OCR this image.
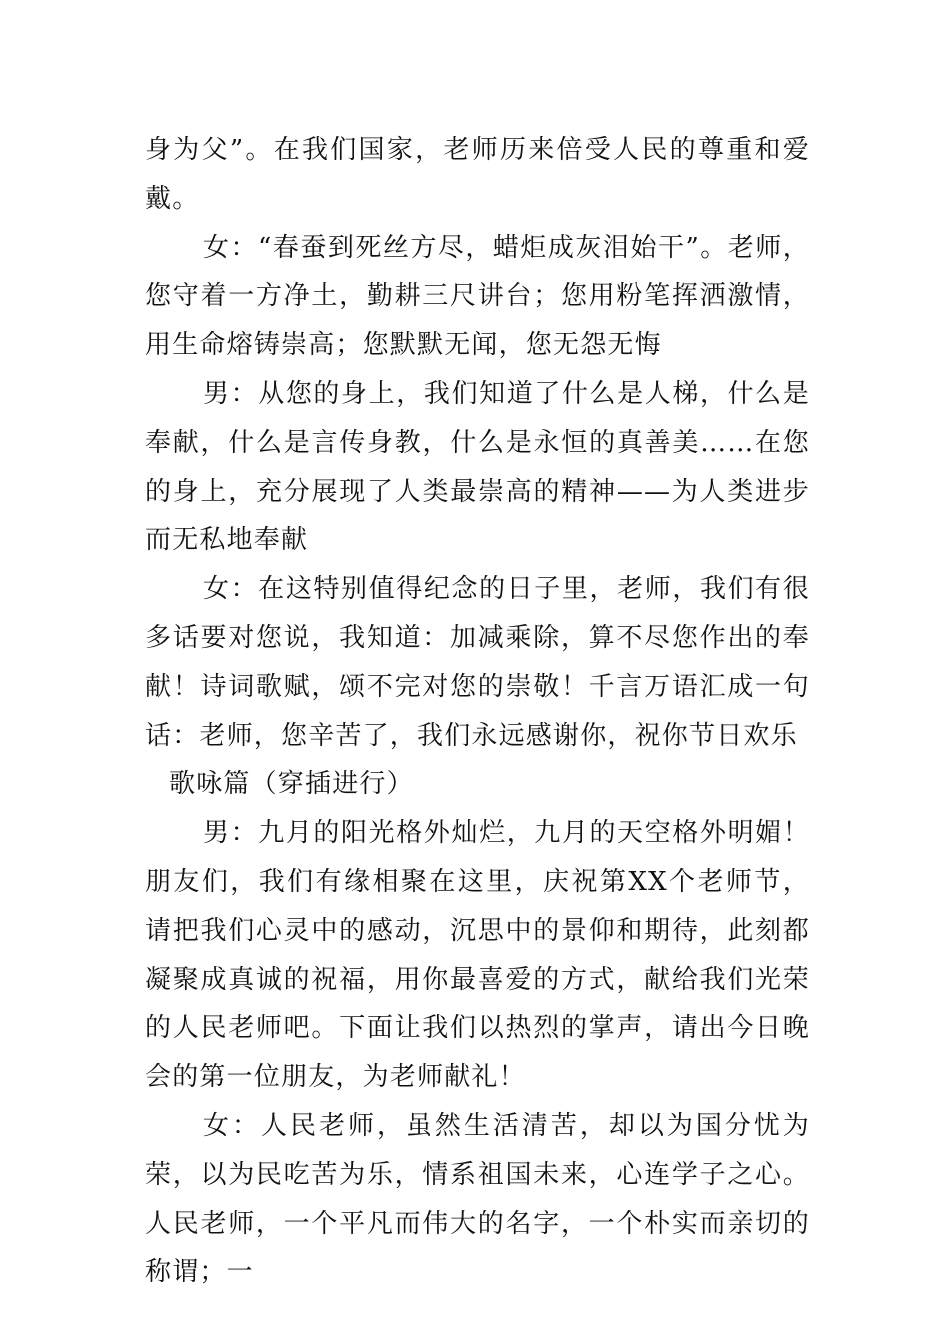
身为父”。在我们国家，老师历来倍受人民的尊重和爱戴。

女：“春蚕到死丝方尽，蜡炬成灰泪始干”。老师，您守着一方净土，勤耕三尺讲台；您用粉笔挥洒激情，用生命熔铸崇高；您默默无闻，您无怨无悔

男：从您的身上，我们知道了什么是人梯，什么是奉献，什么是言传身教，什么是永恒的真善美……在您的身上，充分展现了人类最崇高的精神——为人类进步而无私地奉献

女：在这特别值得纪念的日子里，老师，我们有很多话要对您说，我知道：加减乘除，算不尽您作出的奉献！诗词歌赋，颂不完对您的崇敬！千言万语汇成一句话：老师，您辛苦了，我们永远感谢你，祝你节日欢乐

歌咏篇（穿插进行）

男：九月的阳光格外灿烂，九月的天空格外明媚！朋友们，我们有缘相聚在这里，庆祝第XX个老师节，请把我们心灵中的感动，沉思中的景仰和期待，此刻都凝聚成真诚的祝福，用你最喜爱的方式，献给我们光荣的人民老师吧。下面让我们以热烈的掌声，请出今日晚会的第一位朋友，为老师献礼！

女：人民老师，虽然生活清苦，却以为国分忧为荣，以为民吃苦为乐，情系祖国未来，心连学子之心。人民老师，一个平凡而伟大的名字，一个朴实而亲切的称谓；一
